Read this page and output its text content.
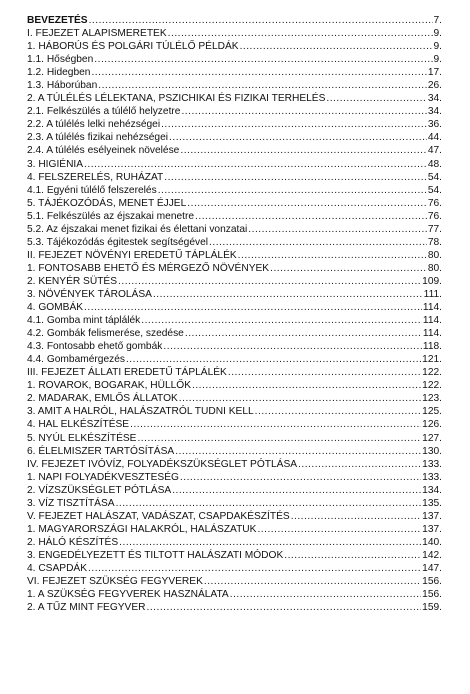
BEVEZETÉS .....	7.
I. FEJEZET ALAPISMERETEK .....	9.
1. HÁBORÚS ÉS POLGÁRI TÚLÉLŐ PÉLDÁK .....	9.
1.1. Hőségben .....	9.
1.2. Hidegben .....	17.
1.3. Háborúban .....	26.
2. A TÚLÉLÉS LÉLEKTANA, PSZICHIKAI ÉS FIZIKAI TERHELÉS .....	34.
2.1. Felkészülés a túlélő helyzetre .....	34.
2.2. A túlélés lelki nehézségei .....	36.
2.3. A túlélés fizikai nehézségei .....	44.
2.4. A túlélés esélyeinek növelése .....	47.
3. HIGIÉNIA .....	48.
4. FELSZERELÉS, RUHÁZAT .....	54.
4.1. Egyéni túlélő felszerelés .....	54.
5. TÁJÉKOZÓDÁS, MENET ÉJJEL .....	76.
5.1. Felkészülés az éjszakai menetre .....	76.
5.2. Az éjszakai menet fizikai és élettani vonzatai .....	77.
5.3. Tájékozódás égitestek segítségével .....	78.
II. FEJEZET NÖVÉNYI EREDETŰ TÁPLÁLÉK .....	80.
1. FONTOSABB EHETŐ ÉS MÉRGEZŐ NÖVÉNYEK .....	80.
2. KENYÉR SÜTÉS .....	109.
3. NÖVÉNYEK TÁROLÁSA .....	111.
4. GOMBÁK .....	114.
4.1. Gomba mint táplálék .....	114.
4.2. Gombák felismerése, szedése .....	114.
4.3. Fontosabb ehető gombák .....	118.
4.4. Gombamérgezés .....	121.
III. FEJEZET ÁLLATI EREDETŰ TÁPLÁLÉK .....	122.
1. ROVAROK, BOGARAK, HÜLLŐK .....	122.
2. MADARAK, EMLŐS ÁLLATOK .....	123.
3. AMIT A HALRÓL, HALÁSZATRÓL TUDNI KELL .....	125.
4. HAL ELKÉSZÍTÉSE .....	126.
5. NYÚL ELKÉSZÍTÉSE .....	127.
6. ÉLELMISZER TARTÓSÍTÁSA .....	130.
IV. FEJEZET IVÓVÍZ, FOLYADÉKSZÜKSÉGLET PÓTLÁSA .....	133.
1. NAPI FOLYADÉKVESZTESÉG .....	133.
2. VÍZSZÜKSÉGLET PÓTLÁSA .....	134.
3. VÍZ TISZTÍTÁSA .....	135.
V. FEJEZET HALÁSZAT, VADÁSZAT, CSAPDAKÉSZÍTÉS .....	137.
1. MAGYARORSZÁGI HALAKRÓL, HALÁSZATUK .....	137.
2. HÁLÓ KÉSZÍTÉS .....	140.
3. ENGEDÉLYEZETT ÉS TILTOTT HALÁSZATI MÓDOK .....	142.
4. CSAPDÁK .....	147.
VI. FEJEZET SZÜKSÉG FEGYVEREK .....	156.
1. A SZÜKSÉG FEGYVEREK HASZNÁLATA .....	156.
2. A TŰZ MINT FEGYVER .....	159.
